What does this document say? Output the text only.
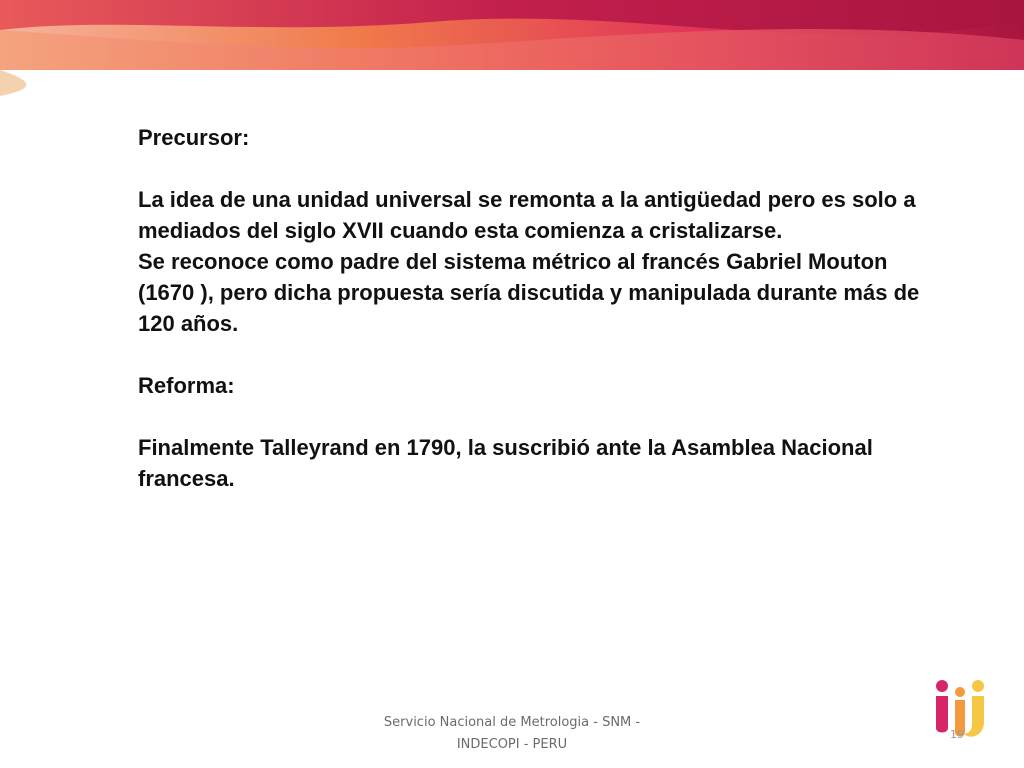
Precursor:

La idea de una unidad universal se remonta a la antigüedad pero es solo a mediados del siglo XVII cuando esta comienza a cristalizarse.

Se reconoce como padre del sistema métrico al francés Gabriel Mouton (1670 ), pero dicha propuesta sería discutida y manipulada durante más de 120 años.

Reforma:

Finalmente Talleyrand en 1790, la suscribió ante la Asamblea Nacional francesa.

Servicio Nacional de Metrologia - SNM -
INDECOPI - PERU
19
